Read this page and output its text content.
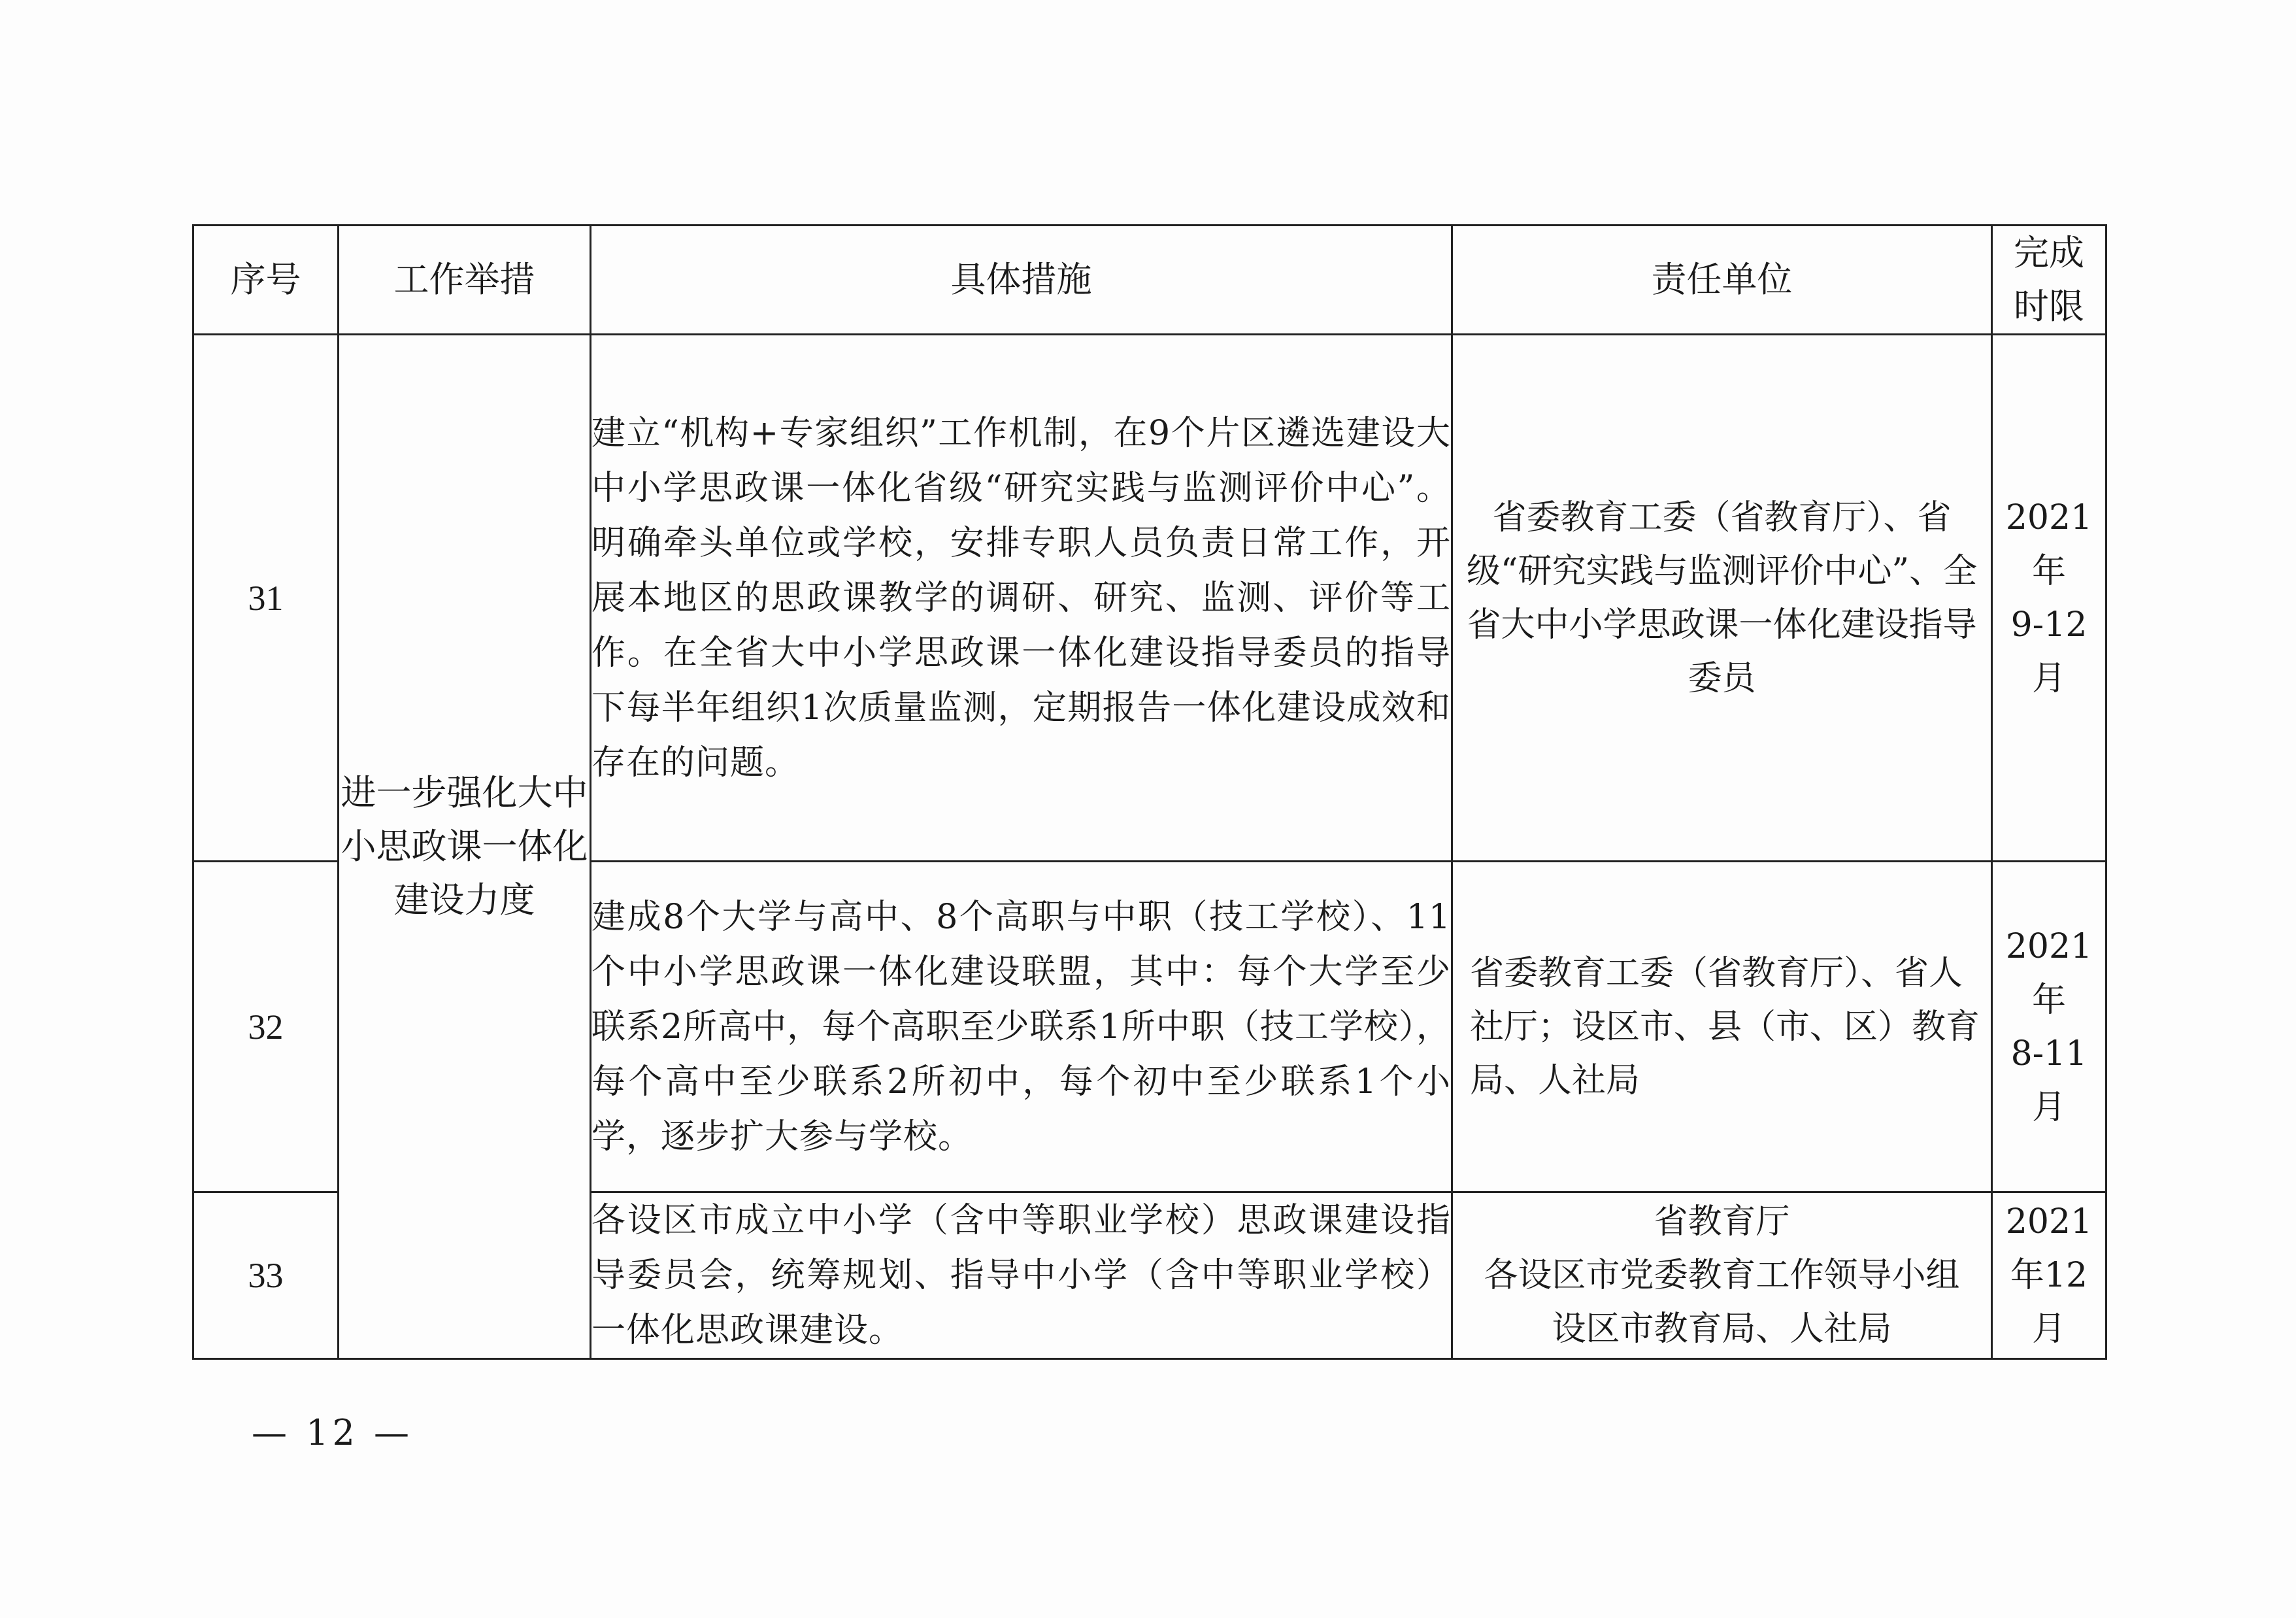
序号	工作举措	具体措施	责任单位	完成
时限

31	进一步强化大中小思政课一体化建设力度	建立“机构+专家组织”工作机制，在9个片区遴选建设大中小学思政课一体化省级“研究实践与监测评价中心”。明确牵头单位或学校，安排专职人员负责日常工作，开展本地区的思政课教学的调研、研究、监测、评价等工作。在全省大中小学思政课一体化建设指导委员的指导下每半年组织1次质量监测，定期报告一体化建设成效和存在的问题。	省委教育工委（省教育厅）、省级“研究实践与监测评价中心”、全省大中小学思政课一体化建设指导委员	2021
年
9-12
月

32		建成8个大学与高中、8个高职与中职（技工学校）、11个中小学思政课一体化建设联盟，其中：每个大学至少联系2所高中，每个高职至少联系1所中职（技工学校），每个高中至少联系2所初中，每个初中至少联系1个小学，逐步扩大参与学校。	省委教育工委（省教育厅）、省人社厅；设区市、县（市、区）教育局、人社局	2021
年
8-11
月

33		各设区市成立中小学（含中等职业学校）思政课建设指导委员会，统筹规划、指导中小学（含中等职业学校）一体化思政课建设。	省教育厅
各设区市党委教育工作领导小组
设区市教育局、人社局	2021
年12
月
— 12 —
